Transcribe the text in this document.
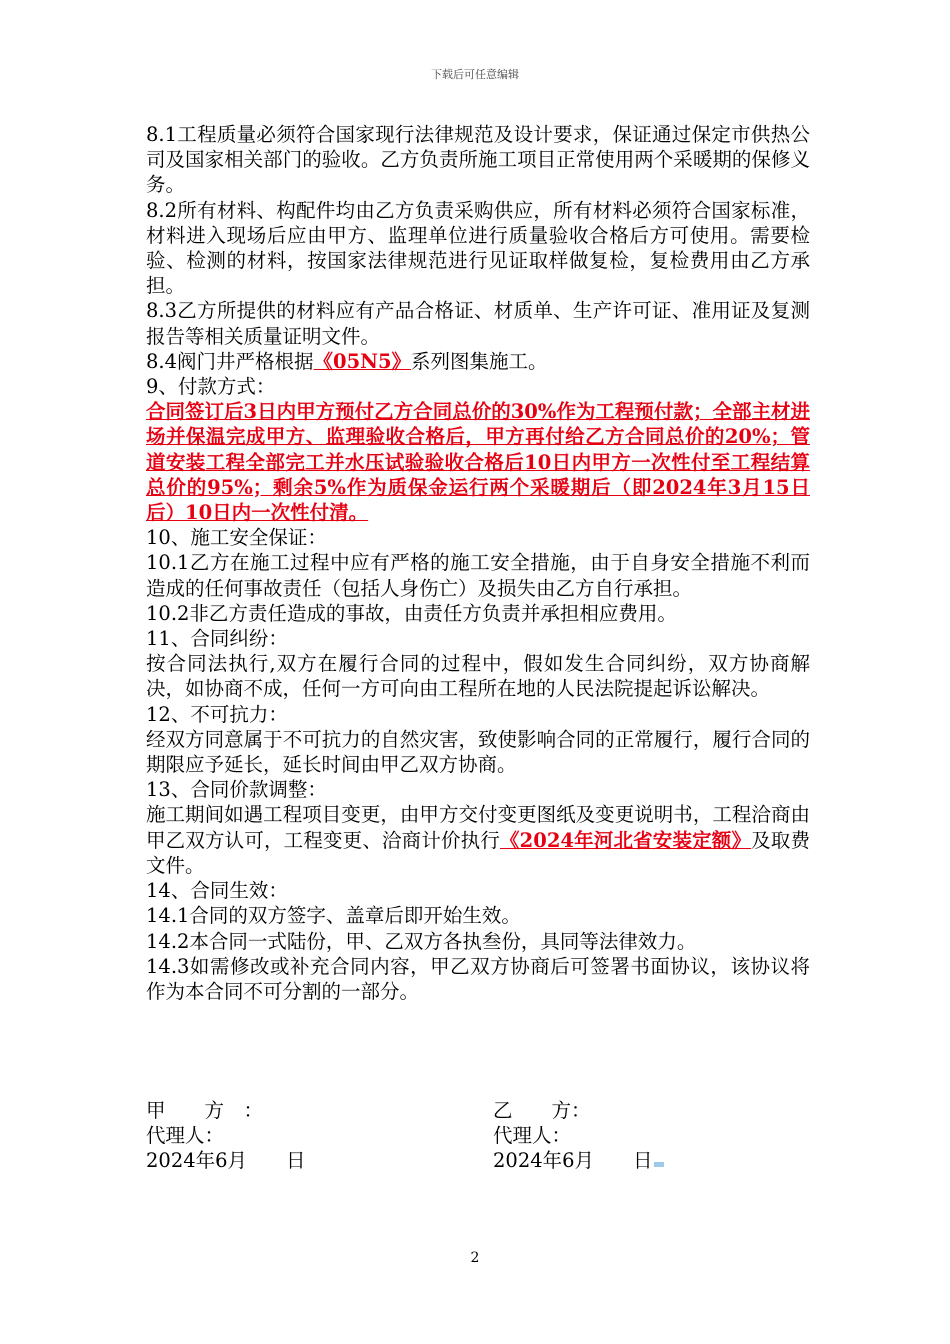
下载后可任意编辑

8.1工程质量必须符合国家现行法律规范及设计要求，保证通过保定市供热公司及国家相关部门的验收。乙方负责所施工项目正常使用两个采暖期的保修义务。

8.2所有材料、构配件均由乙方负责采购供应，所有材料必须符合国家标准，材料进入现场后应由甲方、监理单位进行质量验收合格后方可使用。需要检验、检测的材料，按国家法律规范进行见证取样做复检，复检费用由乙方承担。

8.3乙方所提供的材料应有产品合格证、材质单、生产许可证、准用证及复测报告等相关质量证明文件。

8.4阀门井严格根据《05N5》系列图集施工。

9、付款方式：

合同签订后3日内甲方预付乙方合同总价的30%作为工程预付款；全部主材进场并保温完成甲方、监理验收合格后，甲方再付给乙方合同总价的20%；管道安装工程全部完工并水压试验验收合格后10日内甲方一次性付至工程结算总价的95%；剩余5%作为质保金运行两个采暖期后（即2024年3月15日后）10日内一次性付清。

10、施工安全保证：

10.1乙方在施工过程中应有严格的施工安全措施，由于自身安全措施不利而造成的任何事故责任（包括人身伤亡）及损失由乙方自行承担。

10.2非乙方责任造成的事故，由责任方负责并承担相应费用。

11、合同纠纷：

按合同法执行,双方在履行合同的过程中，假如发生合同纠纷，双方协商解决，如协商不成，任何一方可向由工程所在地的人民法院提起诉讼解决。

12、不可抗力：

经双方同意属于不可抗力的自然灾害，致使影响合同的正常履行，履行合同的期限应予延长，延长时间由甲乙双方协商。

13、合同价款调整：

施工期间如遇工程项目变更，由甲方交付变更图纸及变更说明书，工程洽商由甲乙双方认可，工程变更、洽商计价执行《2024年河北省安装定额》及取费文件。

14、合同生效：

14.1合同的双方签字、盖章后即开始生效。

14.2本合同一式陆份，甲、乙双方各执叁份，具同等法律效力。

14.3如需修改或补充合同内容，甲乙双方协商后可签署书面协议，该协议将作为本合同不可分割的一部分。

甲　　方　：
代理人：
2024年6月　　日
乙　　方：
代理人：
2024年6月　　日
2
